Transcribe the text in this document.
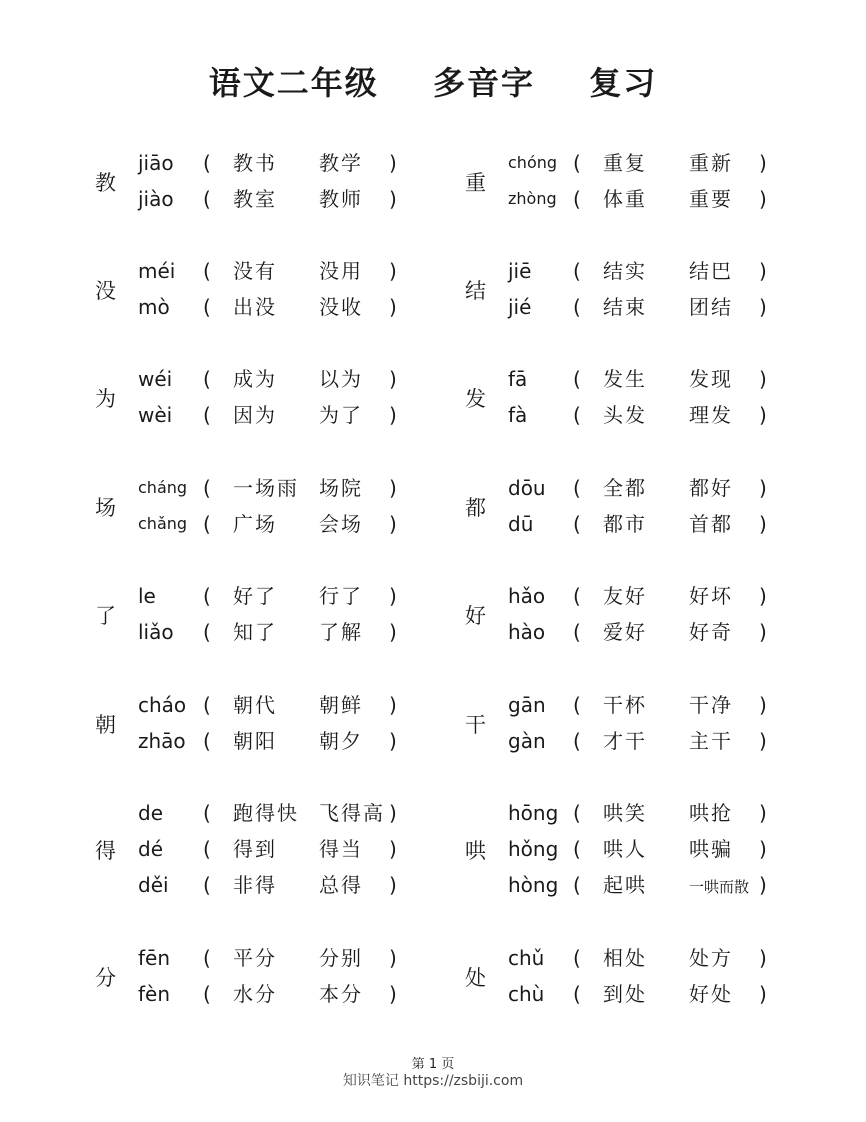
语文二年级  多音字  复习
教
jiāo	( 教书 教学 )
jiào	( 教室 教师 )
没
méi	( 没有 没用 )
mò	( 出没 没收 )
为
wéi	( 成为 以为 )
wèi	( 因为 为了 )
场
cháng ( 一场雨 场院 )
chǎng ( 广场 会场 )
了
le	( 好了 行了 )
liǎo	( 知了 了解 )
朝
cháo ( 朝代 朝鲜 )
zhāo ( 朝阳 朝夕 )
得
de	( 跑得快 飞得高 )
dé	( 得到 得当 )
děi	( 非得 总得 )
分
fēn	( 平分 分别 )
fèn	( 水分 本分 )
重
chóng ( 重复 重新 )
zhòng ( 体重 重要 )
结
jiē	( 结实 结巴 )
jié	( 结束 团结 )
发
fā	( 发生 发现 )
fà	( 头发 理发 )
都
dōu	( 全都 都好 )
dū	( 都市 首都 )
好
hǎo	( 友好 好坏 )
hào	( 爱好 好奇 )
干
gān	( 干杯 干净 )
gàn	( 才干 主干 )
哄
hōng ( 哄笑 哄抢 )
hǒng ( 哄人 哄骗 )
hòng ( 起哄	一哄而散 )
处
chǔ	( 相处 处方 )
chù	( 到处 好处 )
第 1 页
知识笔记 https://zsbiji.com
